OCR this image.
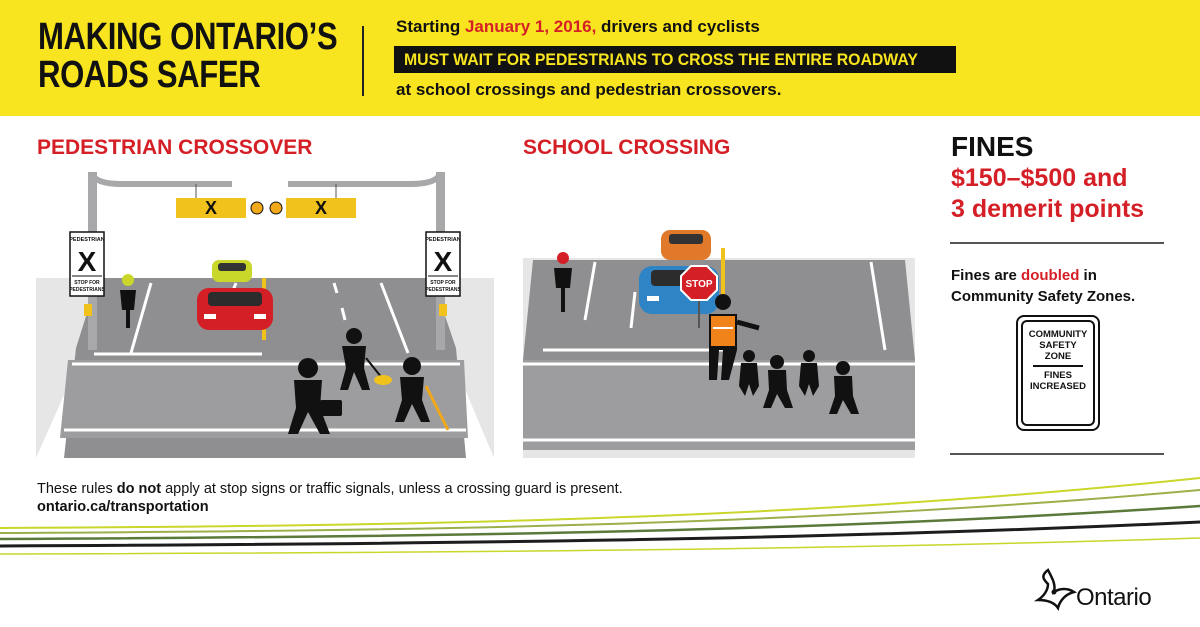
MAKING ONTARIO’S
ROADS SAFER
Starting January 1, 2016, drivers and cyclists
MUST WAIT FOR PEDESTRIANS TO CROSS THE ENTIRE ROADWAY
at school crossings and pedestrian crossovers.
PEDESTRIAN CROSSOVER	SCHOOL CROSSING
X	X
PEDESTRIAN
X
STOP FOR
PEDESTRIANS
PEDESTRIAN
X
STOP FOR
PEDESTRIANS	STOP
FINES
$150–$500 and
3 demerit points
Fines are doubled in
Community Safety Zones.
COMMUNITY
SAFETY
ZONE
FINES
INCREASED
These rules do not apply at stop signs or traffic signals, unless a crossing guard is present.
ontario.ca/transportation
Ontario
